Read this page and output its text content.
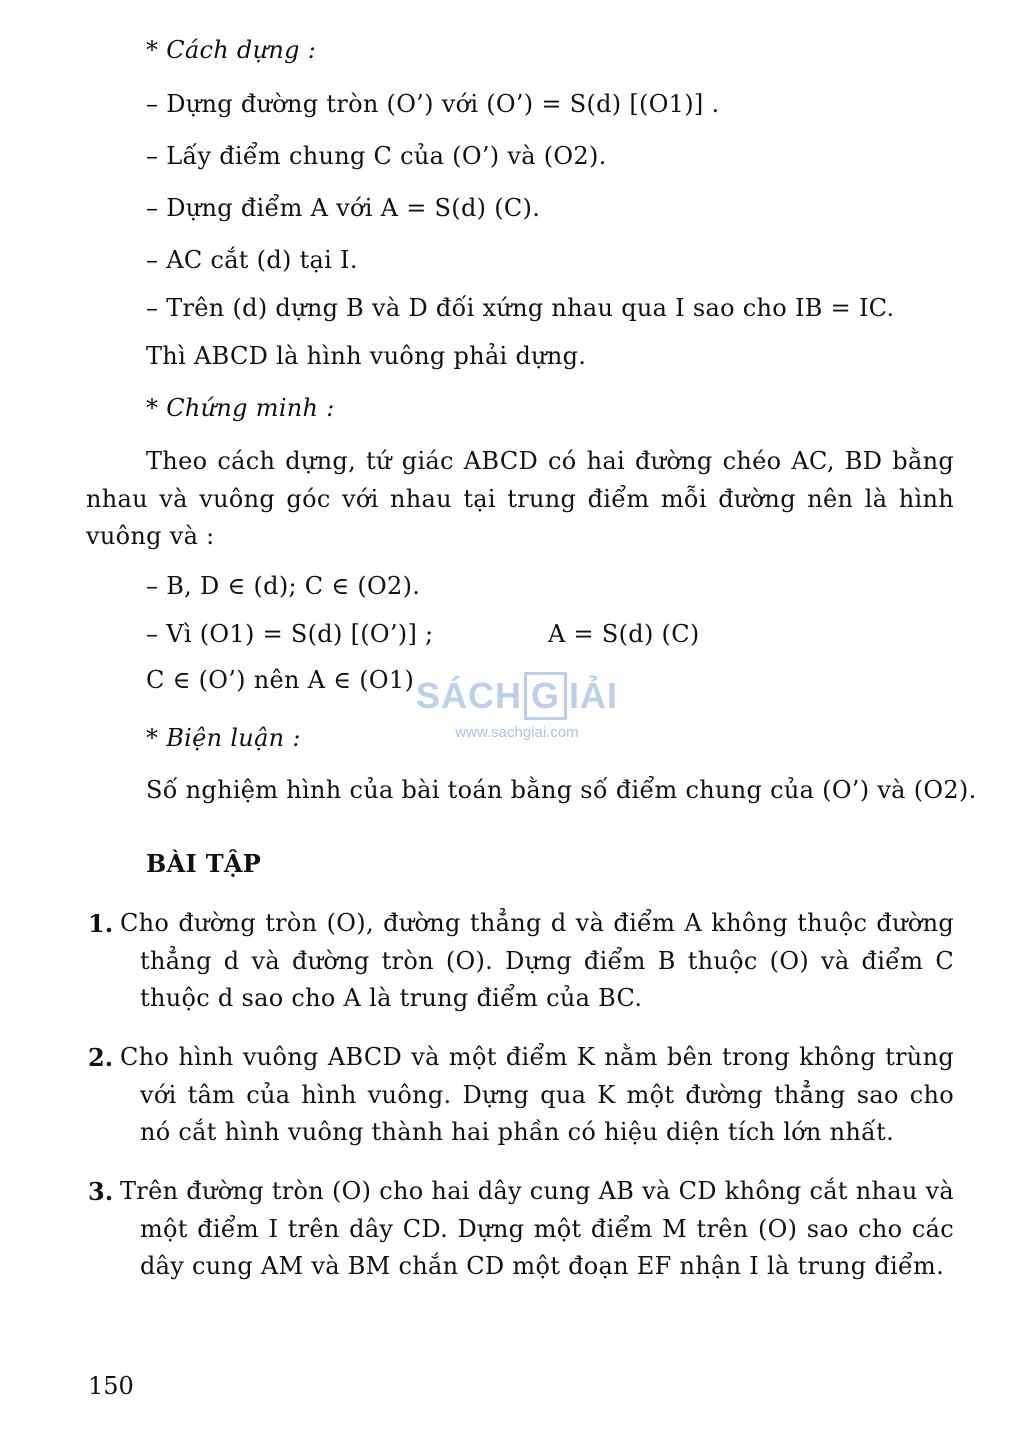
* Cách dựng :
– Dựng đường tròn (O’) với (O’) = S(d) [(O1)] .
– Lấy điểm chung C của (O’) và (O2).
– Dựng điểm A với A = S(d) (C).
– AC cắt (d) tại I.
– Trên (d) dựng B và D đối xứng nhau qua I sao cho IB = IC.
Thì ABCD là hình vuông phải dựng.
* Chứng minh :
Theo cách dựng, tứ giác ABCD có hai đường chéo AC, BD bằng nhau và vuông góc với nhau tại trung điểm mỗi đường nên là hình vuông và :
– B, D ∈ (d); C ∈ (O2).
– Vì (O1) = S(d) [(O’)] ;	A = S(d) (C)
C ∈ (O’) nên A ∈ (O1)
* Biện luận :
Số nghiệm hình của bài toán bằng số điểm chung của (O’) và (O2).
BÀI TẬP
1. Cho đường tròn (O), đường thẳng d và điểm A không thuộc đường thẳng d và đường tròn (O). Dựng điểm B thuộc (O) và điểm C thuộc d sao cho A là trung điểm của BC.
2. Cho hình vuông ABCD và một điểm K nằm bên trong không trùng với tâm của hình vuông. Dựng qua K một đường thẳng sao cho nó cắt hình vuông thành hai phần có hiệu diện tích lớn nhất.
3. Trên đường tròn (O) cho hai dây cung AB và CD không cắt nhau và một điểm I trên dây CD. Dựng một điểm M trên (O) sao cho các dây cung AM và BM chắn CD một đoạn EF nhận I là trung điểm.
SÁCH G IẢI
www.sachgiai.com
150
